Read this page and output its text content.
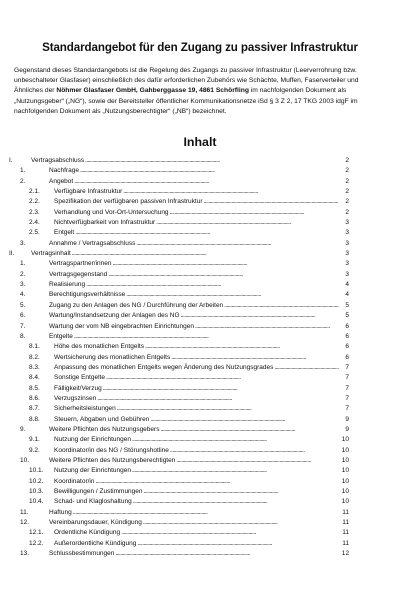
Standardangebot für den Zugang zu passiver Infrastruktur
Gegenstand dieses Standardangebots ist die Regelung des Zugangs zu passiver Infrastruktur (Leerverrohrung bzw. unbeschalteter Glasfaser) einschließlich des dafür erforderlichen Zubehörs wie Schächte, Muffen, Faserverteiler und Ähnliches der Nöhmer Glasfaser GmbH, Gahberggasse 19, 4861 Schörfling im nachfolgenden Dokument als „Nutzungsgeber“ („NG“), sowie der Bereitsteller öffentlicher Kommunikationsnetze iSd § 3 Z 2, 17 TKG 2003 idgF im nachfolgenden Dokument als „Nutzungsberechtigter“ („NB“) bezeichnet.
Inhalt
I.	Vertragsabschluss . . .	2
1.	Nachfrage . . .	2
2.	Angebot . . .	2
2.1.	Verfügbare Infrastruktur . . .	2
2.2.	Spezifikation der verfügbaren passiven Infrastruktur . . .	2
2.3.	Verhandlung und Vor-Ort-Untersuchung . . .	2
2.4.	Nichtverfügbarkeit von Infrastruktur . . .	3
2.5.	Entgelt . . .	3
3.	Annahme / Vertragsabschluss . . .	3
II.	Vertragsinhalt . . .	3
1.	Vertragspartner/innen . . .	3
2.	Vertragsgegenstand . . .	3
3.	Realisierung . . .	4
4.	Berechtigungsverhältnisse . . .	4
5.	Zugang zu den Anlagen des NG / Durchführung der Arbeiten . . .	5
6.	Wartung/Instandsetzung der Anlagen des NG . . .	5
7.	Wartung der vom NB eingebrachten Einrichtungen . . .	6
8.	Entgelte . . .	6
8.1.	Höhe des monatlichen Entgelts . . .	6
8.2.	Wertsicherung des monatlichen Entgelts . . .	6
8.3.	Anpassung des monatlichen Entgelts wegen Änderung des Nutzungsgrades . . .	7
8.4.	Sonstige Entgelte . . .	7
8.5.	Fälligkeit/Verzug . . .	7
8.6.	Verzugszinsen . . .	7
8.7.	Sicherheitsleistungen . . .	7
8.8.	Steuern, Abgaben und Gebühren . . .	9
9.	Weitere Pflichten des Nutzungsgebers . . .	9
9.1.	Nutzung der Einrichtungen . . .	10
9.2.	Koordinator/in des NG / Störungshotline . . .	10
10.	Weitere Pflichten des Nutzungsberechtigten . . .	10
10.1.	Nutzung der Einrichtungen . . .	10
10.2.	Koordinator/in . . .	10
10.3.	Bewilligungen / Zustimmungen . . .	10
10.4.	Schad- und Klagloshaltung . . .	10
11.	Haftung . . .	11
12.	Vereinbarungsdauer, Kündigung . . .	11
12.1.	Ordentliche Kündigung . . .	11
12.2.	Außerordentliche Kündigung . . .	11
13.	Schlussbestimmungen . . .	12
